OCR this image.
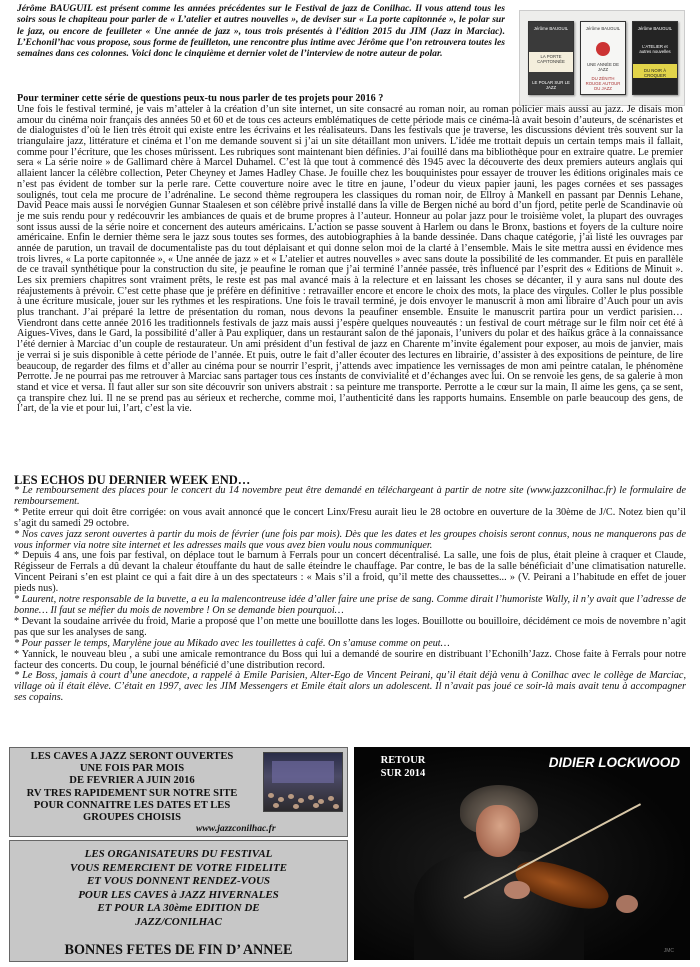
Jérôme BAUGUIL est présent comme les années précédentes sur le Festival de jazz de Conilhac. Il vous attend tous les soirs sous le chapiteau pour parler de « L’atelier et autres nouvelles », de deviser sur « La porte capitonnée », le polar sur le jazz, ou encore de feuilleter « Une année de jazz », tous trois présentés à l’édition 2015 du JIM (Jazz in Marciac). L’Echonil’hac vous propose, sous forme de feuilleton, une rencontre plus intime avec Jérôme que l’on retrouvera toutes les semaines dans ces colonnes. Voici donc le cinquième et dernier volet de l’interview de notre auteur de polar.

Jérôme BAUGUIL
LA PORTE CAPITONNÉE
LE POLAR SUR LE JAZZ
Jérôme BAUGUIL
UNE ANNÉE DE JAZZ
DU ZÉNITH ROUGE AUTOUR DU JAZZ
Jérôme BAUGUIL
L’ATELIER et autres nouvelles
DU NOIR À CROQUER

Pour terminer cette série de questions peux-tu nous parler de tes projets pour 2016 ?

Une fois le festival terminé, je vais m’atteler à la création d’un site internet, un site consacré au roman noir, au roman policier mais aussi au jazz. Je disais mon amour du cinéma noir français des années 50 et 60 et de tous ces acteurs emblématiques de cette période mais ce cinéma-là avait besoin d’auteurs, de scénaristes et de dialoguistes d’où le lien très étroit qui existe entre les écrivains et les réalisateurs. Dans les festivals que je traverse, les discussions dévient très souvent sur la triangulaire jazz, littérature et cinéma et l’on me demande souvent si j’ai un site détaillant mon univers. L’idée me trottait depuis un certain temps mais il fallait, comme pour l’écriture, que les choses mûrissent. Les rubriques sont maintenant bien définies. J’ai fouillé dans ma bibliothèque pour en extraire quatre. Le premier sera « La série noire » de Gallimard chère à Marcel Duhamel. C’est là que tout à commencé dès 1945 avec la découverte des deux premiers auteurs anglais qui allaient lancer la célèbre collection, Peter Cheyney et James Hadley Chase. Je fouille chez les bouquinistes pour essayer de trouver les éditions originales mais ce n’est pas évident de tomber sur la perle rare. Cette couverture noire avec le titre en jaune, l’odeur du vieux papier jauni, les pages cornées et ses passages soulignés, tout cela me procure de l’adrénaline. Le second thème regroupera les classiques du roman noir, de Ellroy à Mankell en passant par Dennis Lehane, David Peace mais aussi le norvégien Gunnar Staalesen et son célèbre privé installé dans la ville de Bergen niché au bord d’un fjord, petite perle de Scandinavie où je me suis rendu pour y redécouvrir les ambiances de quais et de brume propres à l’auteur. Honneur au polar jazz pour le troisième volet, la plupart des ouvrages sont issus aussi de la série noire et concernent des auteurs américains. L’action se passe souvent à Harlem ou dans le Bronx, bastions et foyers de la culture noire américaine. Enfin le dernier thème sera le jazz sous toutes ses formes, des autobiographies à la bande dessinée. Dans chaque catégorie, j’ai listé les ouvrages par année de parution, un travail de documentaliste pas du tout déplaisant et qui donne selon moi de la clarté à l’ensemble. Mais le site mettra aussi en évidence mes trois livres, « La porte capitonnée », « Une année de jazz » et « L’atelier et autres nouvelles » avec sans doute la possibilité de les commander. Et puis en parallèle de ce travail synthétique pour la construction du site, je peaufine le roman que j’ai terminé l’année passée, très influencé par l’esprit des « Editions de Minuit ». Les six premiers chapitres sont vraiment prêts, le reste est pas mal avancé mais à la relecture et en laissant les choses se décanter, il y aura sans nul doute des réajustements à prévoir. C’est cette phase que je préfère en définitive : retravailler encore et encore le choix des mots, la place des virgules. Coller le plus possible à une écriture musicale, jouer sur les rythmes et les respirations. Une fois le travail terminé, je dois envoyer le manuscrit à mon ami libraire d’Auch pour un avis plus tranchant. J’ai préparé la lettre de présentation du roman, nous devons la peaufiner ensemble. Ensuite le manuscrit partira pour un verdict parisien… Viendront dans cette année 2016 les traditionnels festivals de jazz mais aussi j’espère quelques nouveautés : un festival de court métrage sur le film noir cet été à Aigues-Vives, dans le Gard, la possibilité d’aller à Pau expliquer, dans un restaurant salon de thé japonais, l’univers du polar et des haïkus grâce à la connaissance l’été dernier à Marciac d’un couple de restaurateur. Un ami président d’un festival de jazz en Charente m’invite également pour exposer, au mois de janvier, mais je verrai si je suis disponible à cette période de l’année. Et puis, outre le fait d’aller écouter des lectures en librairie, d’assister à des expositions de peinture, de lire beaucoup, de regarder des films et d’aller au cinéma pour se nourrir l’esprit, j’attends avec impatience les vernissages de mon ami peintre catalan, le phénomène Perrotte. Je ne pourrai pas me retrouver à Marciac sans partager tous ces instants de convivialité et d’échanges avec lui. On se renvoie les gens, de sa galerie à mon stand et vice et versa. Il faut aller sur son site découvrir son univers abstrait : sa peinture me transporte. Perrotte a le cœur sur la main, Il aime les gens, ça se sent, ça transpire chez lui. Il ne se prend pas au sérieux et recherche, comme moi, l’authenticité dans les rapports humains. Ensemble on parle beaucoup des gens, de l’art, de la vie et pour lui, l’art, c’est la vie.

LES ECHOS DU DERNIER WEEK END…

* Le remboursement des places pour le concert du 14 novembre peut être demandé en téléchargeant à partir de notre site (www.jazzconilhac.fr) le formulaire de remboursement.

* Petite erreur qui doit être corrigée: on vous avait annoncé que le concert Linx/Fresu aurait lieu le 28 octobre en ouverture de la 30ème de J/C. Notez bien qu’il s’agit du samedi 29 octobre.

* Nos caves jazz seront ouvertes à partir du mois de février (une fois par mois). Dès que les dates et les groupes choisis seront connus, nous ne manquerons pas de vous informer via notre site internet et les adresses mails que vous avez bien voulu nous communiquer.

* Depuis 4 ans, une fois par festival, on déplace tout le barnum à Ferrals pour un concert décentralisé. La salle, une fois de plus, était pleine à craquer et Claude, Régisseur de Ferrals a dû devant la chaleur étouffante du haut de salle éteindre le chauffage. Par contre, le bas de la salle bénéficiait d’une climatisation naturelle. Vincent Peirani s’en est plaint ce qui a fait dire à un des spectateurs : « Mais s’il a froid, qu’il mette des chaussettes... » (V. Peirani a l’habitude en effet de jouer pieds nus).

* Laurent, notre responsable de la buvette, a eu la malencontreuse idée d’aller faire une prise de sang. Comme dirait l’humoriste Wally, il n’y avait que l’adresse de bonne… Il faut se méfier du mois de novembre ! On se demande bien pourquoi…

* Devant la soudaine arrivée du froid, Marie a proposé que l’on mette une bouillotte dans les loges. Bouillotte ou bouilloire, décidément ce mois de novembre n’agit pas que sur les analyses de sang.

* Pour passer le temps, Marylène joue au Mikado avec les touillettes à café. On s’amuse comme on peut…

* Yannick, le nouveau bleu , a subi une amicale remontrance du Boss qui lui a demandé de sourire en distribuant l’Echonilh’Jazz. Chose faite à Ferrals pour notre facteur des concerts. Du coup, le journal bénéficié d’une distribution record.

* Le Boss, jamais à court d’une anecdote, a rappelé à Emile Parisien, Alter-Ego de Vincent Peirani, qu’il était déjà venu à Conilhac avec le collège de Marciac, village où il était élève. C’était en 1997, avec les JIM Messengers et Emile était alors un adolescent. Il n’avait pas joué ce soir-là mais avait tenu à accompagner ses copains.

LES CAVES A JAZZ SERONT OUVERTES
UNE FOIS PAR MOIS
DE FEVRIER A JUIN 2016
RV TRES RAPIDEMENT SUR NOTRE SITE
POUR CONNAITRE LES DATES ET LES
GROUPES CHOISIS

www.jazzconilhac.fr

LES ORGANISATEURS DU FESTIVAL
VOUS REMERCIENT DE VOTRE FIDELITE
ET VOUS DONNENT RENDEZ-VOUS
POUR LES CAVES à JAZZ HIVERNALES
ET POUR LA 30ème EDITION DE
JAZZ/CONILHAC

BONNES FETES DE FIN D’ ANNEE

RETOUR
SUR 2014

DIDIER LOCKWOOD

JMC
